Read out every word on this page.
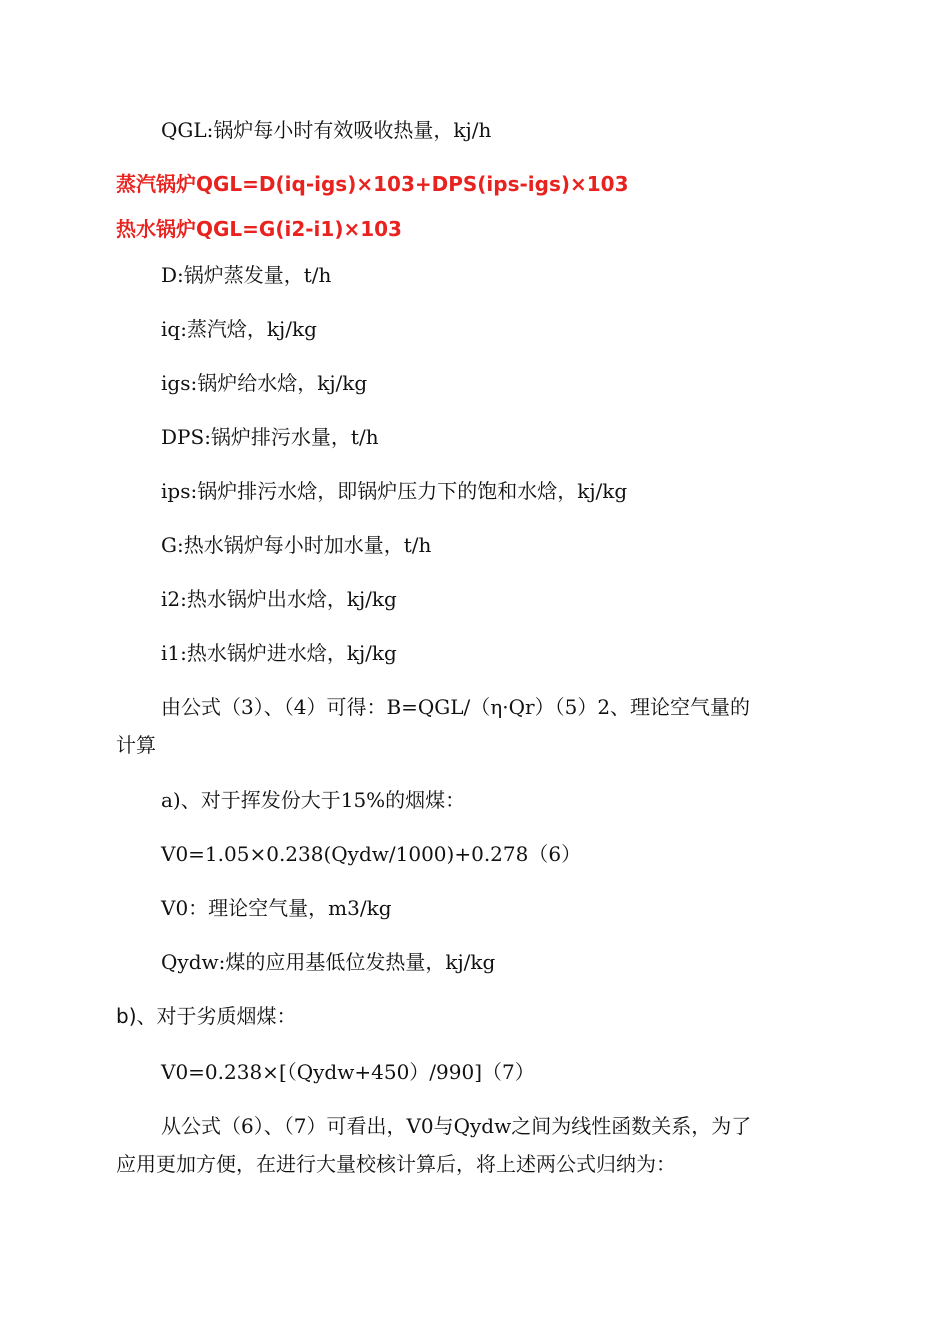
QGL:锅炉每小时有效吸收热量，kj/h
蒸汽锅炉QGL=D(iq-igs)×103+DPS(ips-igs)×103
热水锅炉QGL=G(i2-i1)×103
D:锅炉蒸发量，t/h
iq:蒸汽焓，kj/kg
igs:锅炉给水焓，kj/kg
DPS:锅炉排污水量，t/h
ips:锅炉排污水焓，即锅炉压力下的饱和水焓，kj/kg
G:热水锅炉每小时加水量，t/h
i2:热水锅炉出水焓，kj/kg
i1:热水锅炉进水焓，kj/kg
由公式（3）、（4）可得：B=QGL/（η·Qr）（5）2、理论空气量的
计算
a)、对于挥发份大于15%的烟煤：
V0=1.05×0.238(Qydw/1000)+0.278（6）
V0：理论空气量，m3/kg
Qydw:煤的应用基低位发热量，kj/kg
b)、对于劣质烟煤：
V0=0.238×[（Qydw+450）/990]（7）
从公式（6）、（7）可看出，V0与Qydw之间为线性函数关系，为了
应用更加方便，在进行大量校核计算后，将上述两公式归纳为：
